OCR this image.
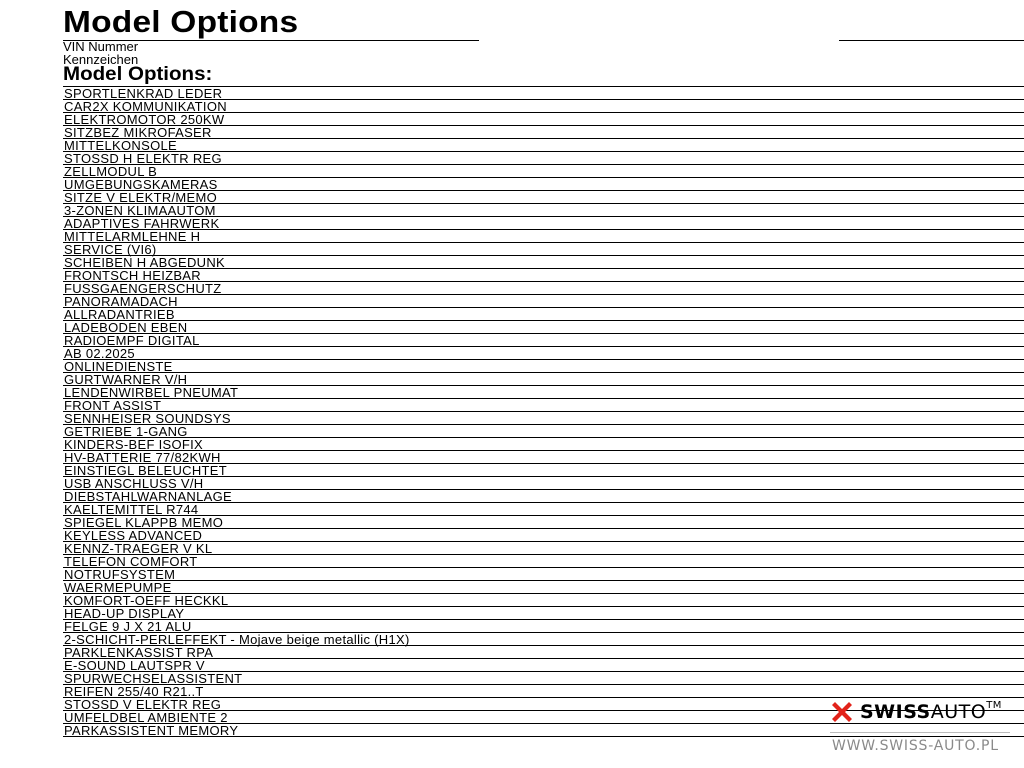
Model Options
VIN Nummer
Kennzeichen
Model Options:
SPORTLENKRAD LEDER
CAR2X KOMMUNIKATION
ELEKTROMOTOR 250KW
SITZBEZ MIKROFASER
MITTELKONSOLE
STOSSD H ELEKTR REG
ZELLMODUL B
UMGEBUNGSKAMERAS
SITZE V ELEKTR/MEMO
3-ZONEN KLIMAAUTOM
ADAPTIVES FAHRWERK
MITTELARMLEHNE H
SERVICE (VI6)
SCHEIBEN H ABGEDUNK
FRONTSCH HEIZBAR
FUSSGAENGERSCHUTZ
PANORAMADACH
ALLRADANTRIEB
LADEBODEN EBEN
RADIOEMPF DIGITAL
AB 02.2025
ONLINEDIENSTE
GURTWARNER V/H
LENDENWIRBEL PNEUMAT
FRONT ASSIST
SENNHEISER SOUNDSYS
GETRIEBE 1-GANG
KINDERS-BEF ISOFIX
HV-BATTERIE 77/82KWH
EINSTIEGL BELEUCHTET
USB ANSCHLUSS V/H
DIEBSTAHLWARNANLAGE
KAELTEMITTEL R744
SPIEGEL KLAPPB MEMO
KEYLESS ADVANCED
KENNZ-TRAEGER V KL
TELEFON COMFORT
NOTRUFSYSTEM
WAERMEPUMPE
KOMFORT-OEFF HECKKL
HEAD-UP DISPLAY
FELGE 9 J X 21 ALU
2-SCHICHT-PERLEFFEKT - Mojave beige metallic (H1X)
PARKLENKASSIST RPA
E-SOUND LAUTSPR V
SPURWECHSELASSISTENT
REIFEN 255/40 R21..T
STOSSD V ELEKTR REG
UMFELDBEL AMBIENTE 2
PARKASSISTENT MEMORY
SWISSAUTO™
WWW.SWISS-AUTO.PL
